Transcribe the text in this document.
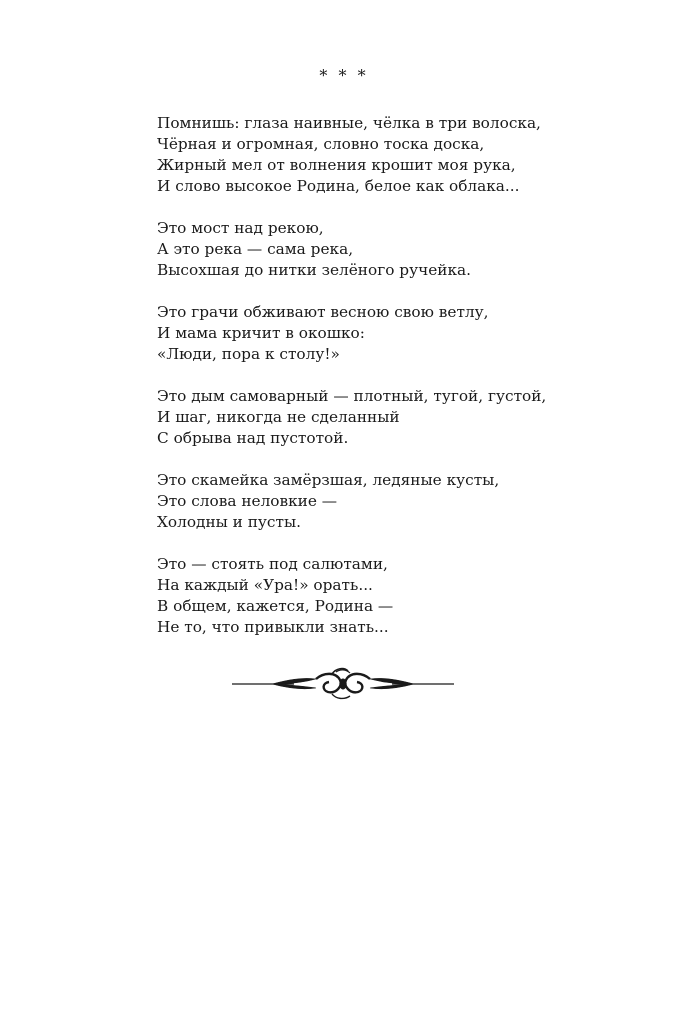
* * *
Помнишь: глаза наивные, чёлка в три волоска,
Чёрная и огромная, словно тоска доска,
Жирный мел от волнения крошит моя рука,
И слово высокое Родина, белое как облака...
Это мост над рекою,
А это река — сама река,
Высохшая до нитки зелёного ручейка.
Это грачи обживают весною свою ветлу,
И мама кричит в окошко:
«Люди, пора к столу!»
Это дым самоварный — плотный, тугой, густой,
И шаг, никогда не сделанный
С обрыва над пустотой.
Это скамейка замёрзшая, ледяные кусты,
Это слова неловкие —
Холодны и пусты.
Это — стоять под салютами,
На каждый «Ура!» орать...
В общем, кажется, Родина —
Не то, что привыкли знать...
